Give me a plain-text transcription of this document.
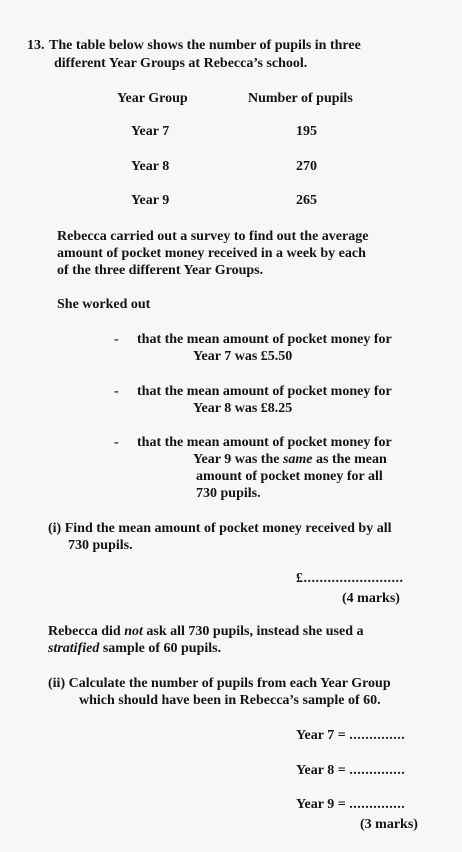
13. The table below shows the number of pupils in three
different Year Groups at Rebecca’s school.
Year Group	Number of pupils
Year 7	195
Year 8	270
Year 9	265
Rebecca carried out a survey to find out the average
amount of pocket money received in a week by each
of the three different Year Groups.
She worked out
- that the mean amount of pocket money for
Year 7 was £5.50
- that the mean amount of pocket money for
Year 8 was £8.25
- that the mean amount of pocket money for
Year 9 was the same as the mean
amount of pocket money for all
730 pupils.
(i) Find the mean amount of pocket money received by all
730 pupils.
£.........................
(4 marks)
Rebecca did not ask all 730 pupils, instead she used a
stratified sample of 60 pupils.
(ii) Calculate the number of pupils from each Year Group
which should have been in Rebecca’s sample of 60.
Year 7 = ..............
Year 8 = ..............
Year 9 = ..............
(3 marks)
